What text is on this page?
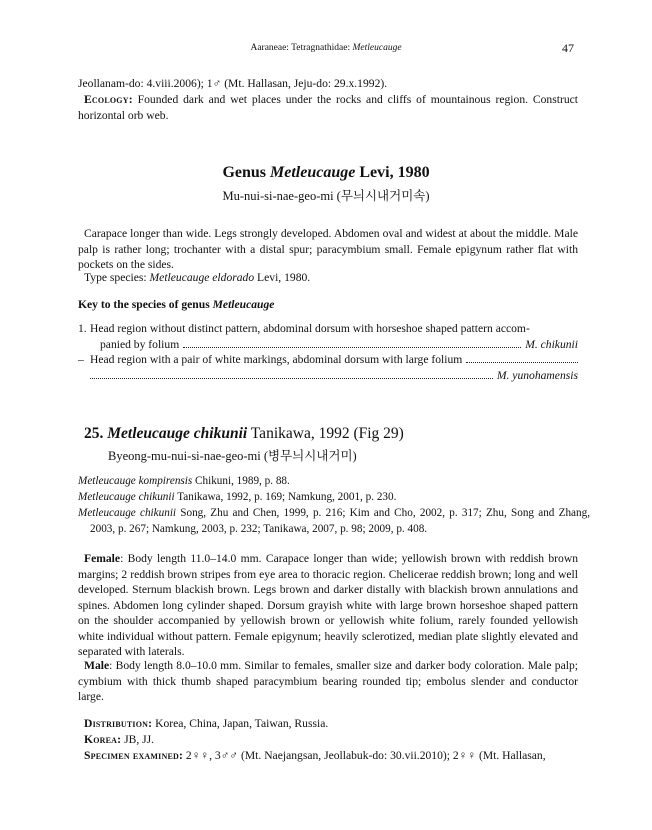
Aaraneae: Tetragnathidae: Metleucauge	47
Jeollanam-do: 4.viii.2006); 1♂ (Mt. Hallasan, Jeju-do: 29.x.1992).
Ecology: Founded dark and wet places under the rocks and cliffs of mountainous region. Construct horizontal orb web.
Genus Metleucauge Levi, 1980
Mu-nui-si-nae-geo-mi (무늬시내거미속)
Carapace longer than wide. Legs strongly developed. Abdomen oval and widest at about the middle. Male palp is rather long; trochanter with a distal spur; paracymbium small. Female epigynum rather flat with pockets on the sides.
Type species: Metleucauge eldorado Levi, 1980.
Key to the species of genus Metleucauge
1. Head region without distinct pattern, abdominal dorsum with horseshoe shaped pattern accom-
panied by folium	M. chikunii
– Head region with a pair of white markings, abdominal dorsum with large folium
M. yunohamensis
25. Metleucauge chikunii Tanikawa, 1992 (Fig 29)
Byeong-mu-nui-si-nae-geo-mi (병무늬시내거미)
Metleucauge kompirensis Chikuni, 1989, p. 88.
Metleucauge chikunii Tanikawa, 1992, p. 169; Namkung, 2001, p. 230.
Metleucauge chikunii Song, Zhu and Chen, 1999, p. 216; Kim and Cho, 2002, p. 317; Zhu, Song and Zhang, 2003, p. 267; Namkung, 2003, p. 232; Tanikawa, 2007, p. 98; 2009, p. 408.
Female: Body length 11.0–14.0 mm. Carapace longer than wide; yellowish brown with reddish brown margins; 2 reddish brown stripes from eye area to thoracic region. Chelicerae reddish brown; long and well developed. Sternum blackish brown. Legs brown and darker distally with blackish brown annulations and spines. Abdomen long cylinder shaped. Dorsum grayish white with large brown horseshoe shaped pattern on the shoulder accompanied by yellowish brown or yellowish white folium, rarely founded yellowish white individual without pattern. Female epigynum; heavily sclerotized, median plate slightly elevated and separated with laterals.
Male: Body length 8.0–10.0 mm. Similar to females, smaller size and darker body coloration. Male palp; cymbium with thick thumb shaped paracymbium bearing rounded tip; embolus slender and conductor large.
Distribution: Korea, China, Japan, Taiwan, Russia.
Korea: JB, JJ.
Specimen examined: 2♀♀, 3♂♂ (Mt. Naejangsan, Jeollabuk-do: 30.vii.2010); 2♀♀ (Mt. Hallasan,
